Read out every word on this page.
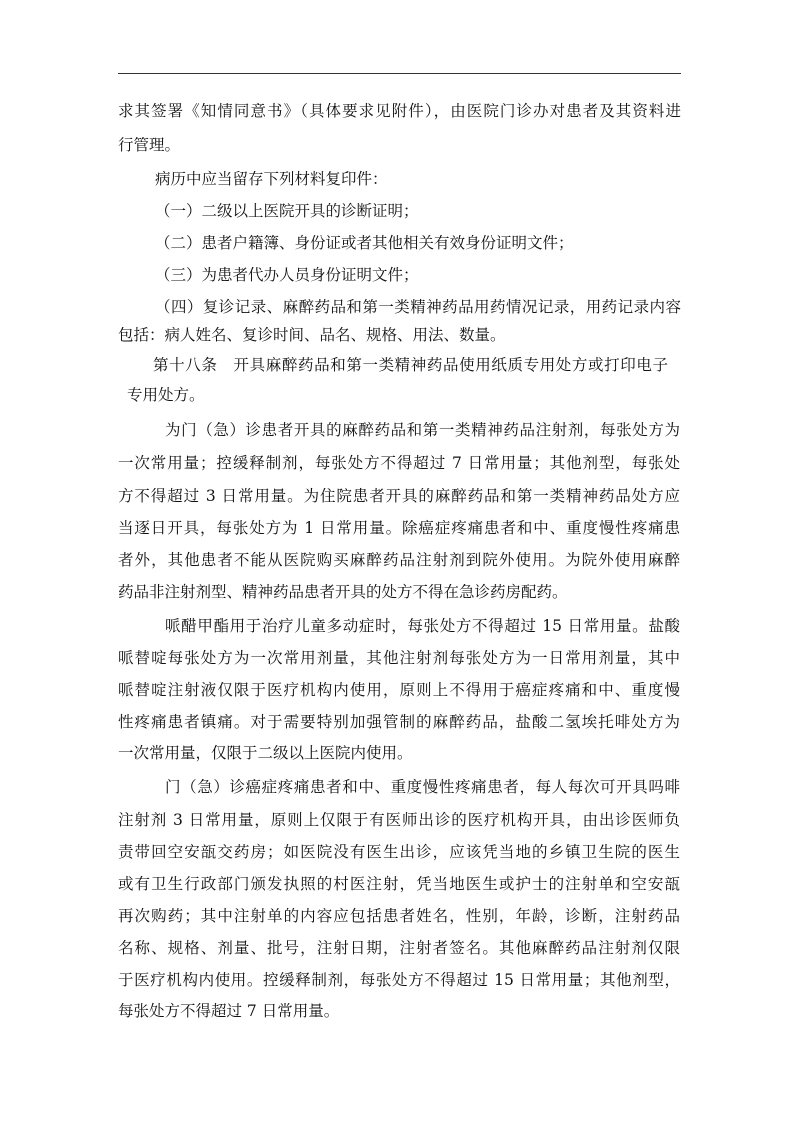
求其签署《知情同意书》（具体要求见附件），由医院门诊办对患者及其资料进
行管理。
病历中应当留存下列材料复印件：
（一）二级以上医院开具的诊断证明；
（二）患者户籍簿、身份证或者其他相关有效身份证明文件；
（三）为患者代办人员身份证明文件；
（四）复诊记录、麻醉药品和第一类精神药品用药情况记录，用药记录内容
包括：病人姓名、复诊时间、品名、规格、用法、数量。
第十八条　开具麻醉药品和第一类精神药品使用纸质专用处方或打印电子
专用处方。
为门（急）诊患者开具的麻醉药品和第一类精神药品注射剂，每张处方为
一次常用量；控缓释制剂，每张处方不得超过 7 日常用量；其他剂型，每张处
方不得超过 3 日常用量。为住院患者开具的麻醉药品和第一类精神药品处方应
当逐日开具，每张处方为 1 日常用量。除癌症疼痛患者和中、重度慢性疼痛患
者外，其他患者不能从医院购买麻醉药品注射剂到院外使用。为院外使用麻醉
药品非注射剂型、精神药品患者开具的处方不得在急诊药房配药。
哌醋甲酯用于治疗儿童多动症时，每张处方不得超过 15 日常用量。盐酸
哌替啶每张处方为一次常用剂量，其他注射剂每张处方为一日常用剂量，其中
哌替啶注射液仅限于医疗机构内使用，原则上不得用于癌症疼痛和中、重度慢
性疼痛患者镇痛。对于需要特别加强管制的麻醉药品，盐酸二氢埃托啡处方为
一次常用量，仅限于二级以上医院内使用。
门（急）诊癌症疼痛患者和中、重度慢性疼痛患者，每人每次可开具吗啡
注射剂 3 日常用量，原则上仅限于有医师出诊的医疗机构开具，由出诊医师负
责带回空安瓿交药房；如医院没有医生出诊，应该凭当地的乡镇卫生院的医生
或有卫生行政部门颁发执照的村医注射，凭当地医生或护士的注射单和空安瓿
再次购药；其中注射单的内容应包括患者姓名，性别，年龄，诊断，注射药品
名称、规格、剂量、批号，注射日期，注射者签名。其他麻醉药品注射剂仅限
于医疗机构内使用。控缓释制剂，每张处方不得超过 15 日常用量；其他剂型，
每张处方不得超过 7 日常用量。
